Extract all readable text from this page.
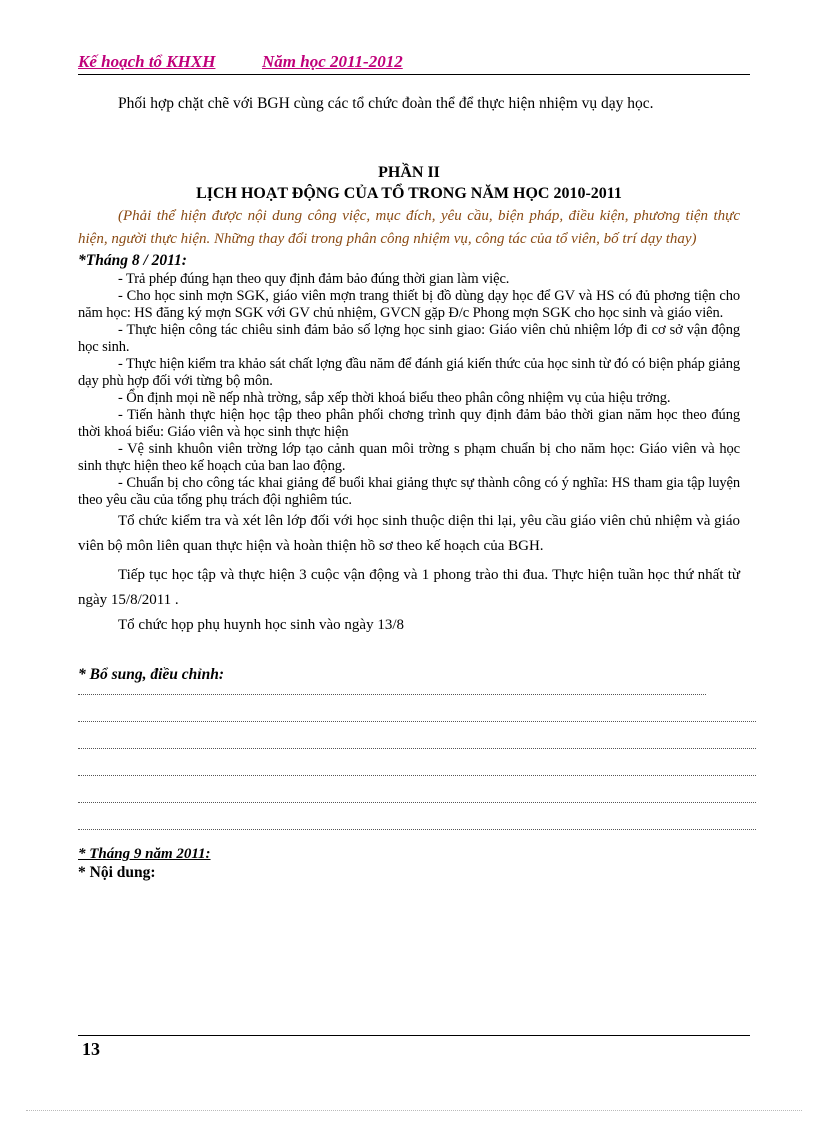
Kế hoạch tổ KHXH	Năm học 2011-2012

Phối hợp chặt chẽ với BGH cùng các tổ chức đoàn thể để thực hiện nhiệm vụ dạy học.

PHẦN II

LỊCH HOẠT ĐỘNG CỦA TỔ TRONG NĂM HỌC 2010-2011

(Phải thể hiện được nội dung công việc, mục đích, yêu cầu, biện pháp, điều kiện, phương tiện thực hiện, người thực hiện. Những thay đổi trong phân công nhiệm vụ, công tác của tổ viên, bố trí dạy thay)

*Tháng 8 / 2011:

- Trả phép đúng hạn theo quy định đảm bảo đúng thời gian làm việc.

- Cho học sinh mợn SGK, giáo viên mợn trang thiết bị đồ dùng dạy học để GV và HS có đủ phơng tiện cho năm học: HS đăng ký mợn SGK với GV chủ nhiệm, GVCN gặp Đ/c Phong mợn SGK cho học sinh và giáo viên.

- Thực hiện công tác chiêu sinh đảm bảo số lợng học sinh giao: Giáo viên chủ nhiệm lớp đi cơ sở vận động học sinh.

- Thực hiện kiểm tra khảo sát chất lợng đầu năm để đánh giá kiến thức của học sinh từ đó có biện pháp giảng dạy phù hợp đối với từng bộ môn.

- Ổn định mọi nề nếp nhà trờng, sắp xếp thời khoá biểu theo phân công nhiệm vụ của hiệu trởng.

- Tiến hành thực hiện học tập theo phân phối chơng trình quy định đảm bảo thời gian năm học theo đúng thời khoá biểu: Giáo viên và học sinh thực hiện

- Vệ sinh khuôn viên trờng lớp tạo cảnh quan môi trờng s phạm chuẩn bị cho năm học: Giáo viên và học sinh thực hiện theo kế hoạch của ban lao động.

- Chuẩn bị cho công tác khai giảng để buổi khai giảng thực sự thành công có ý nghĩa: HS tham gia tập luyện theo yêu cầu của tổng phụ trách đội nghiêm túc.

Tổ chức kiểm tra và xét lên lớp đối với học sinh thuộc diện thi lại, yêu cầu giáo viên chủ nhiệm và giáo viên bộ môn liên quan thực hiện và hoàn thiện hồ sơ theo kế hoạch của BGH.

Tiếp tục học tập và thực hiện 3 cuộc vận động và 1 phong trào thi đua. Thực hiện tuần học thứ nhất từ ngày 15/8/2011 .

Tổ chức họp phụ huynh học sinh vào ngày 13/8

* Bổ sung, điều chỉnh:

* Tháng 9 năm 2011:

* Nội dung:

13
